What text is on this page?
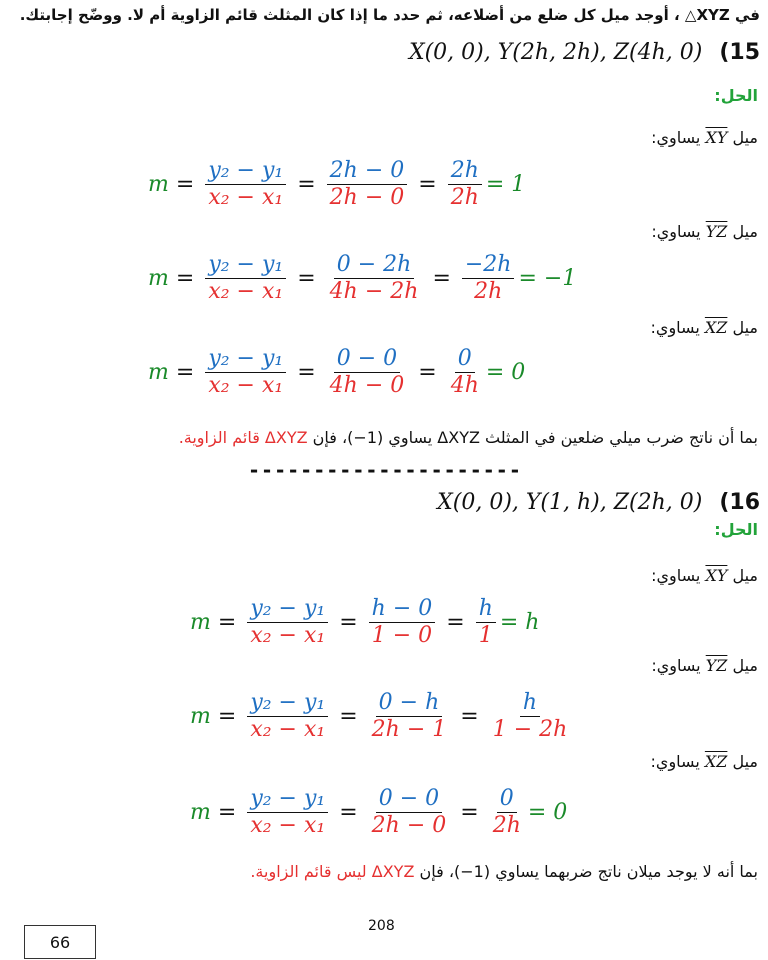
في XYZ△ ، أوجد ميل كل ضلع من أضلاعه، ثم حدد ما إذا كان المثلث قائم الزاوية أم لا. ووضّح إجابتك.
X(0, 0), Y(2h, 2h), Z(4h, 0) (15
الحل:
ميل XY يساوي:
$m = \frac{\text{y₂ − y₁}}{\text{x₂ − x₁}} = \frac{2h - 0}{2h - 0} = \frac{2h}{2h} = 1$
ميل YZ يساوي:
$m = \frac{\text{y₂ − y₁}}{\text{x₂ − x₁}} = \frac{0 - 2h}{4h - 2h} = \frac{-2h}{2h} = -1$
ميل XZ يساوي:
$m = \frac{\text{y₂ − y₁}}{\text{x₂ − x₁}} = \frac{0 - 0}{4h - 0} = \frac{0}{4h} = 0$
بما أن ناتج ضرب ميلي ضلعين في المثلث ΔXYZ يساوي (1−)، فإن ΔXYZ قائم الزاوية.
---------------------
X(0, 0), Y(1, h), Z(2h, 0) (16
الحل:
ميل XY يساوي:
$m = \frac{\text{y₂ − y₁}}{\text{x₂ − x₁}} = \frac{h - 0}{1 - 0} = \frac{h}{1} = h$
ميل YZ يساوي:
$m = \frac{\text{y₂ − y₁}}{\text{x₂ − x₁}} = \frac{0 - h}{2h - 1} = \frac{h}{1 - 2h}$
ميل XZ يساوي:
$m = \frac{\text{y₂ − y₁}}{\text{x₂ − x₁}} = \frac{0 - 0}{2h - 0} = \frac{0}{2h} = 0$
بما أنه لا يوجد ميلان ناتج ضربهما يساوي (1−)، فإن ΔXYZ ليس قائم الزاوية.
208
66
